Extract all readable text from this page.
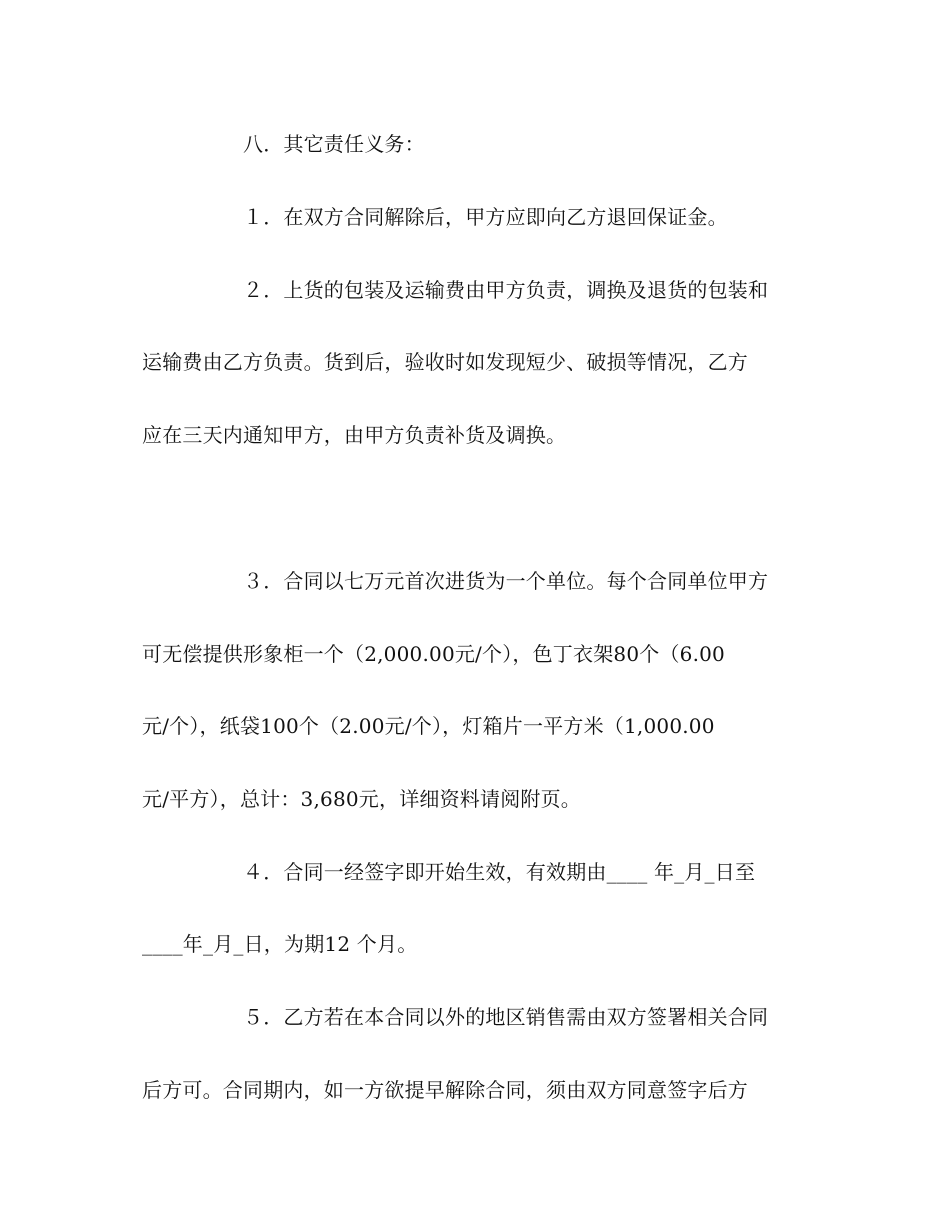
八．其它责任义务：
１．在双方合同解除后，甲方应即向乙方退回保证金。
２．上货的包装及运输费由甲方负责，调换及退货的包装和
运输费由乙方负责。货到后，验收时如发现短少、破损等情况，乙方
应在三天内通知甲方，由甲方负责补货及调换。
３．合同以七万元首次进货为一个单位。每个合同单位甲方
可无偿提供形象柜一个（2,000.00元/个），色丁衣架80个（6.00
元/个），纸袋100个（2.00元/个），灯箱片一平方米（1,000.00
元/平方），总计：3,680元，详细资料请阅附页。
４．合同一经签字即开始生效，有效期由____ 年_月_日至
____年_月_日，为期12 个月。
５．乙方若在本合同以外的地区销售需由双方签署相关合同
后方可。合同期内，如一方欲提早解除合同，须由双方同意签字后方
